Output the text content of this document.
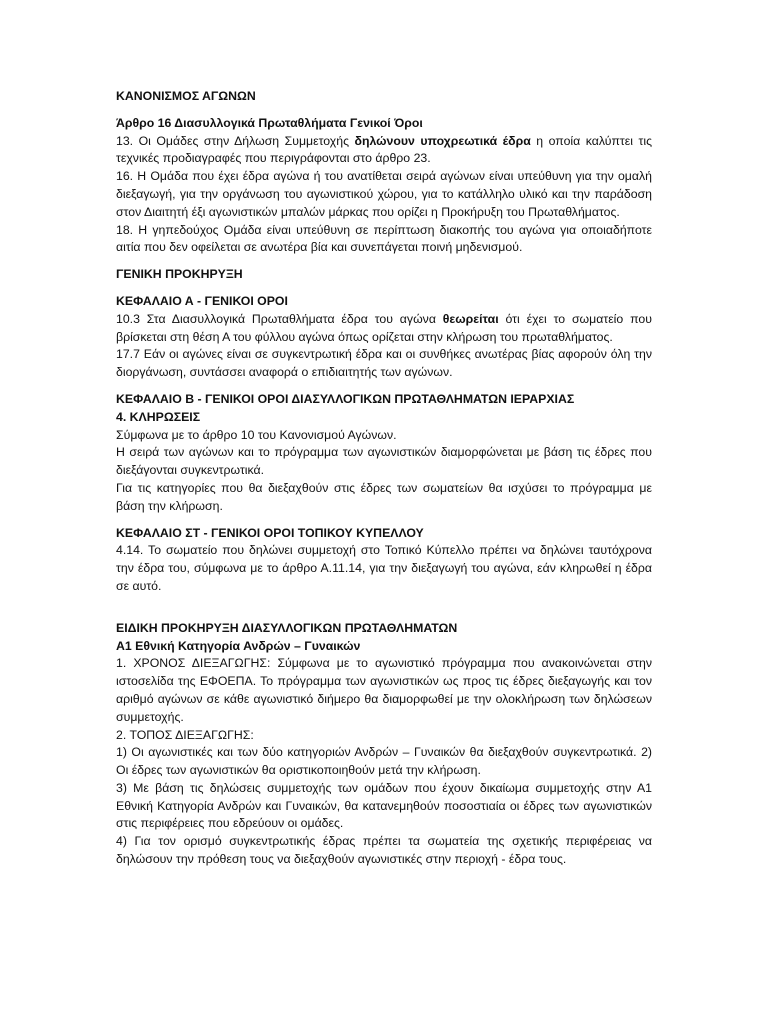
ΚΑΝΟΝΙΣΜΟΣ ΑΓΩΝΩΝ

Άρθρο 16 Διασυλλογικά Πρωταθλήματα Γενικοί Όροι

13. Οι Ομάδες στην Δήλωση Συμμετοχής δηλώνουν υποχρεωτικά έδρα η οποία καλύπτει τις τεχνικές προδιαγραφές που περιγράφονται στο άρθρο 23.

16. Η Ομάδα που έχει έδρα αγώνα ή του ανατίθεται σειρά αγώνων είναι υπεύθυνη για την ομαλή διεξαγωγή, για την οργάνωση του αγωνιστικού χώρου, για το κατάλληλο υλικό και την παράδοση στον Διαιτητή έξι αγωνιστικών μπαλών μάρκας που ορίζει η Προκήρυξη του Πρωταθλήματος.

18. Η γηπεδούχος Ομάδα είναι υπεύθυνη σε περίπτωση διακοπής του αγώνα για οποιαδήποτε αιτία που δεν οφείλεται σε ανωτέρα βία και συνεπάγεται ποινή μηδενισμού.

ΓΕΝΙΚΗ ΠΡΟΚΗΡΥΞΗ

ΚΕΦΑΛΑΙΟ Α - ΓΕΝΙΚΟΙ ΟΡΟΙ

10.3 Στα Διασυλλογικά Πρωταθλήματα έδρα του αγώνα θεωρείται ότι έχει το σωματείο που βρίσκεται στη θέση Α του φύλλου αγώνα όπως ορίζεται στην κλήρωση του πρωταθλήματος.

17.7 Εάν οι αγώνες είναι σε συγκεντρωτική έδρα και οι συνθήκες ανωτέρας βίας αφορούν όλη την διοργάνωση, συντάσσει αναφορά ο επιδιαιτητής των αγώνων.

ΚΕΦΑΛΑΙΟ Β - ΓΕΝΙΚΟΙ ΟΡΟΙ ΔΙΑΣΥΛΛΟΓΙΚΩΝ ΠΡΩΤΑΘΛΗΜΑΤΩΝ ΙΕΡΑΡΧΙΑΣ

4. ΚΛΗΡΩΣΕΙΣ

Σύμφωνα με το άρθρο 10 του Κανονισμού Αγώνων.

Η σειρά των αγώνων και το πρόγραμμα των αγωνιστικών διαμορφώνεται με βάση τις έδρες που διεξάγονται συγκεντρωτικά.

Για τις κατηγορίες που θα διεξαχθούν στις έδρες των σωματείων θα ισχύσει το πρόγραμμα με βάση την κλήρωση.

ΚΕΦΑΛΑΙΟ ΣΤ - ΓΕΝΙΚΟΙ ΟΡΟΙ ΤΟΠΙΚΟΥ ΚΥΠΕΛΛΟΥ

4.14. Το σωματείο που δηλώνει συμμετοχή στο Τοπικό Κύπελλο πρέπει να δηλώνει ταυτόχρονα την έδρα του, σύμφωνα με το άρθρο Α.11.14, για την διεξαγωγή του αγώνα, εάν κληρωθεί η έδρα σε αυτό.

ΕΙΔΙΚΗ ΠΡΟΚΗΡΥΞΗ ΔΙΑΣΥΛΛΟΓΙΚΩΝ ΠΡΩΤΑΘΛΗΜΑΤΩΝ

Α1 Εθνική Κατηγορία Ανδρών – Γυναικών

1. ΧΡΟΝΟΣ ΔΙΕΞΑΓΩΓΗΣ: Σύμφωνα με το αγωνιστικό πρόγραμμα που ανακοινώνεται στην ιστοσελίδα της ΕΦΟΕΠΑ. Το πρόγραμμα των αγωνιστικών ως προς τις έδρες διεξαγωγής και τον αριθμό αγώνων σε κάθε αγωνιστικό διήμερο θα διαμορφωθεί με την ολοκλήρωση των δηλώσεων συμμετοχής.

2. ΤΟΠΟΣ ΔΙΕΞΑΓΩΓΗΣ:

1) Οι αγωνιστικές και των δύο κατηγοριών Ανδρών – Γυναικών θα διεξαχθούν συγκεντρωτικά. 2) Οι έδρες των αγωνιστικών θα οριστικοποιηθούν μετά την κλήρωση.

3) Με βάση τις δηλώσεις συμμετοχής των ομάδων που έχουν δικαίωμα συμμετοχής στην Α1 Εθνική Κατηγορία Ανδρών και Γυναικών, θα κατανεμηθούν ποσοστιαία οι έδρες των αγωνιστικών στις περιφέρειες που εδρεύουν οι ομάδες.

4) Για τον ορισμό συγκεντρωτικής έδρας πρέπει τα σωματεία της σχετικής περιφέρειας να δηλώσουν την πρόθεση τους να διεξαχθούν αγωνιστικές στην περιοχή - έδρα τους.
